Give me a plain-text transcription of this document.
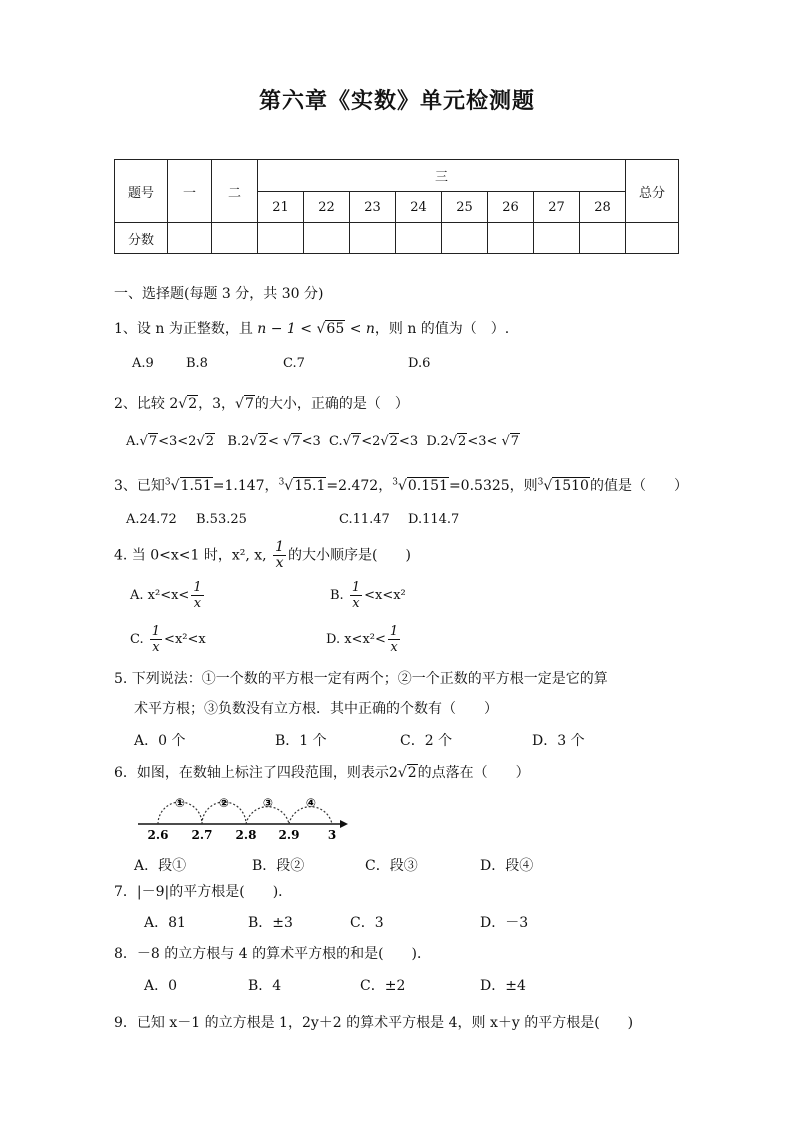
第六章《实数》单元检测题
题号	一	二	三								总分
			21	22	23	24	25	26	27	28	
分数											
一、选择题(每题 3 分，共 30 分)
1、设 n 为正整数，且 n − 1 < √65 < n，则 n 的值为（　）.
A.9 B.8	C.7	D.6
2、比较 2√2，3，√7的大小，正确的是（　）
A.√7<3<2√2 B.2√2< √7<3 C.√7<2√2<3 D.2√2<3< √7
3、已知$^3$√1.51=1.147，$^3$√15.1=2.472，$^3$√0.151=0.5325，则$^3$√1510的值是（　　）
A.24.72 B.53.25	C.11.47 D.114.7
4. 当 0<x<1 时，x², x, $\frac{1}{x}$ 的大小顺序是(　　)
A. $x^2<x< \frac{1}{x}$	B. $\frac{1}{x} <x<x^2$
C. $\frac{1}{x} <x^2<x$	D. $x<x^2< \frac{1}{x}$
5. 下列说法：①一个数的平方根一定有两个；②一个正数的平方根一定是它的算
术平方根；③负数没有立方根．其中正确的个数有（　　）
A．0 个	B．1 个	C．2 个	D．3 个
6．如图，在数轴上标注了四段范围，则表示2√2的点落在（　　）
①	②	③	④
2.6 2.7 2.8 2.9 3
A．段①	B．段②	C．段③	D．段④
7．|－9|的平方根是(　　)．
A．81	B．±3	C．3	D．－3
8．－8 的立方根与 4 的算术平方根的和是(　　)．
A．0	B．4	C．±2	D．±4
9．已知 x－1 的立方根是 1，2y＋2 的算术平方根是 4，则 x＋y 的平方根是(　　)
